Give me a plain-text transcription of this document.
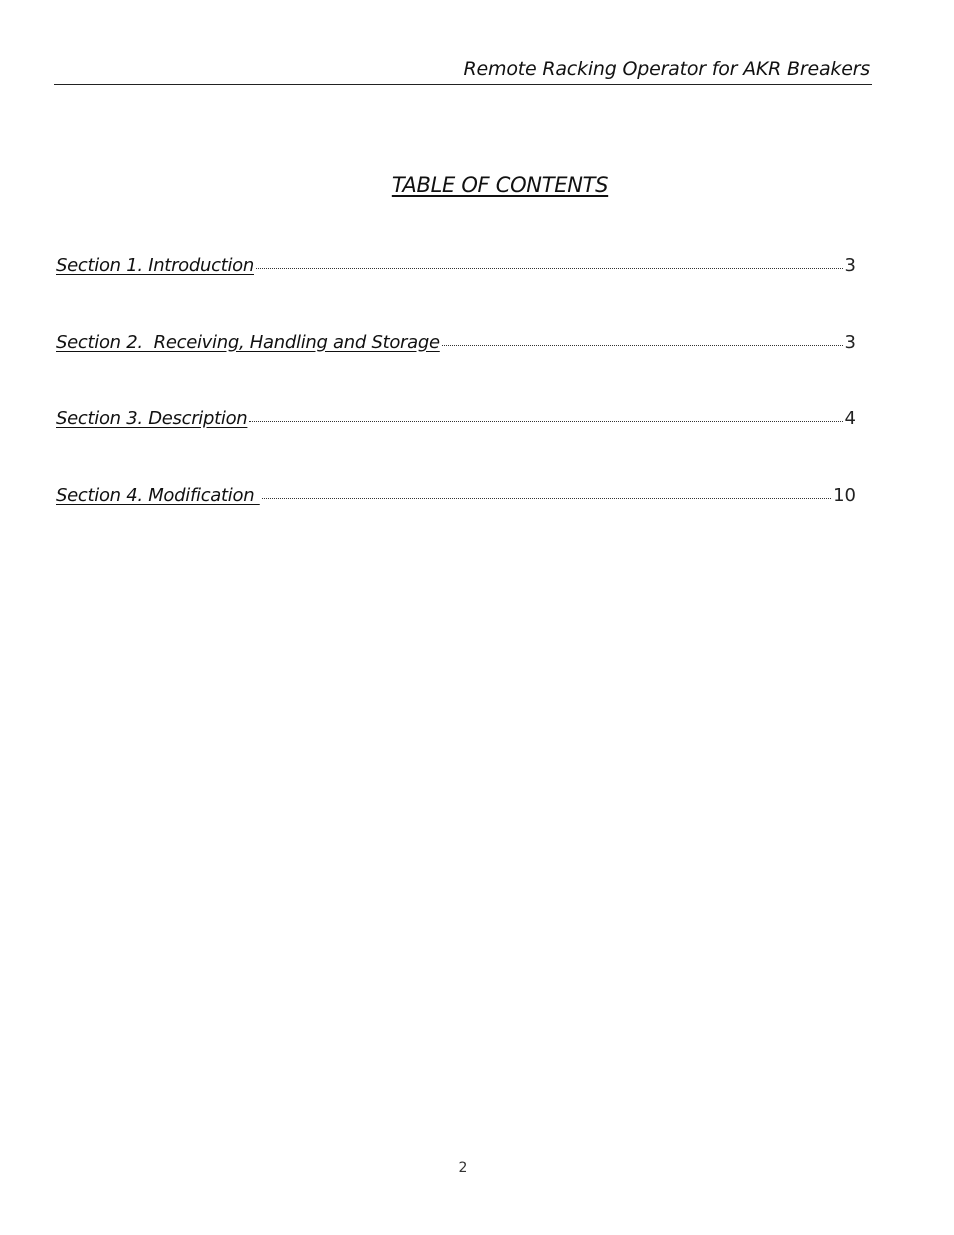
Remote Racking Operator for AKR Breakers
TABLE OF CONTENTS
Section 1. Introduction	3
Section 2.  Receiving, Handling and Storage	3
Section 3. Description	4
Section 4. Modification	10
2
